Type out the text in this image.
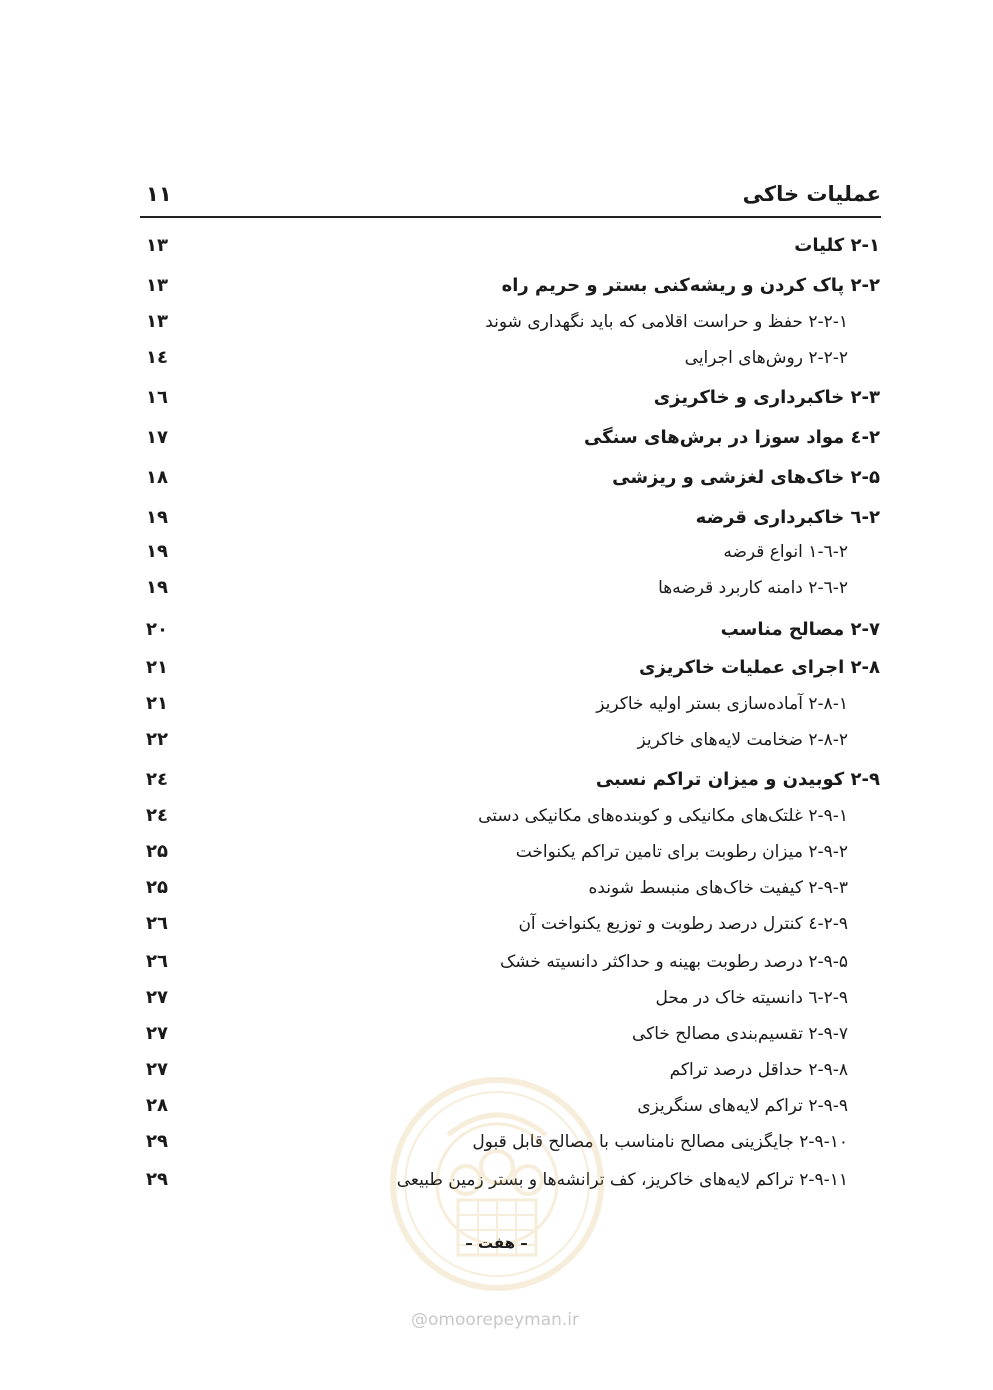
عملیات خاکی
۱۱
۲-۱ کلیات
۱۳
۲-۲ پاک کردن و ریشه‌کنی بستر و حریم راه
۱۳
۲-۲-۱ حفظ و حراست اقلامی که باید نگهداری شوند
۱۳
۲-۲-۲ روش‌های اجرایی
۱٤
۲-۳ خاکبرداری و خاکریزی
۱٦
۲-٤ مواد سوزا در برش‌های سنگی
۱۷
۲-۵ خاک‌های لغزشی و ریزشی
۱۸
۲-٦ خاکبرداری قرضه
۱۹
۲-٦-۱ انواع قرضه
۱۹
۲-٦-۲ دامنه کاربرد قرضه‌ها
۱۹
۲-۷ مصالح مناسب
۲۰
۲-۸ اجرای عملیات خاکریزی
۲۱
۲-۸-۱ آماده‌سازی بستر اولیه خاکریز
۲۱
۲-۸-۲ ضخامت لایه‌های خاکریز
۲۲
۲-۹ کوبیدن و میزان تراکم نسبی
۲٤
۲-۹-۱ غلتک‌های مکانیکی و کوبنده‌های مکانیکی دستی
۲٤
۲-۹-۲ میزان رطوبت برای تامین تراکم یکنواخت
۲۵
۲-۹-۳ کیفیت خاک‌های منبسط شونده
۲۵
۲-۹-٤ کنترل درصد رطوبت و توزیع یکنواخت آن
۲٦
۲-۹-۵ درصد رطوبت بهینه و حداکثر دانسیته خشک
۲٦
۲-۹-٦ دانسیته خاک در محل
۲۷
۲-۹-۷ تقسیم‌بندی مصالح خاکی
۲۷
۲-۹-۸ حداقل درصد تراکم
۲۷
۲-۹-۹ تراکم لایه‌های سنگریزی
۲۸
۲-۹-۱۰ جایگزینی مصالح نامناسب با مصالح قابل قبول
۲۹
۲-۹-۱۱ تراکم لایه‌های خاکریز، کف ترانشه‌ها و بستر زمین طبیعی
۲۹
– هفت –
@omoorepeyman.ir
